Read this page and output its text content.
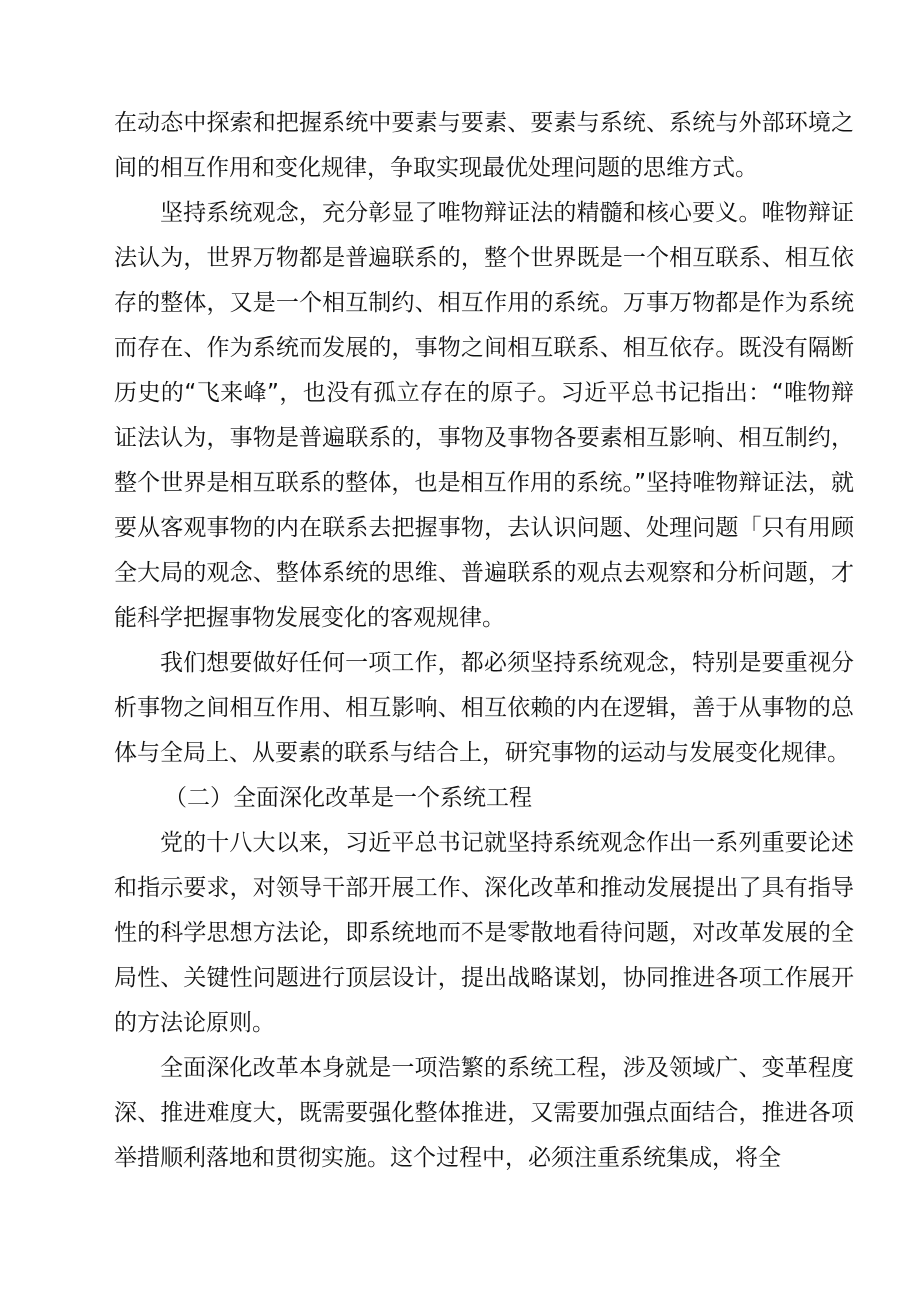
在动态中探索和把握系统中要素与要素、要素与系统、系统与外部环境之间的相互作用和变化规律，争取实现最优处理问题的思维方式。

坚持系统观念，充分彰显了唯物辩证法的精髓和核心要义。唯物辩证法认为，世界万物都是普遍联系的，整个世界既是一个相互联系、相互依存的整体，又是一个相互制约、相互作用的系统。万事万物都是作为系统而存在、作为系统而发展的，事物之间相互联系、相互依存。既没有隔断历史的“飞来峰”，也没有孤立存在的原子。习近平总书记指出：“唯物辩证法认为，事物是普遍联系的，事物及事物各要素相互影响、相互制约，整个世界是相互联系的整体，也是相互作用的系统。”坚持唯物辩证法，就要从客观事物的内在联系去把握事物，去认识问题、处理问题「只有用顾全大局的观念、整体系统的思维、普遍联系的观点去观察和分析问题，才能科学把握事物发展变化的客观规律。

我们想要做好任何一项工作，都必须坚持系统观念，特别是要重视分析事物之间相互作用、相互影响、相互依赖的内在逻辑，善于从事物的总体与全局上、从要素的联系与结合上，研究事物的运动与发展变化规律。

（二）全面深化改革是一个系统工程

党的十八大以来，习近平总书记就坚持系统观念作出一系列重要论述和指示要求，对领导干部开展工作、深化改革和推动发展提出了具有指导性的科学思想方法论，即系统地而不是零散地看待问题，对改革发展的全局性、关键性问题进行顶层设计，提出战略谋划，协同推进各项工作展开的方法论原则。

全面深化改革本身就是一项浩繁的系统工程，涉及领域广、变革程度深、推进难度大，既需要强化整体推进，又需要加强点面结合，推进各项举措顺利落地和贯彻实施。这个过程中，必须注重系统集成，将全
